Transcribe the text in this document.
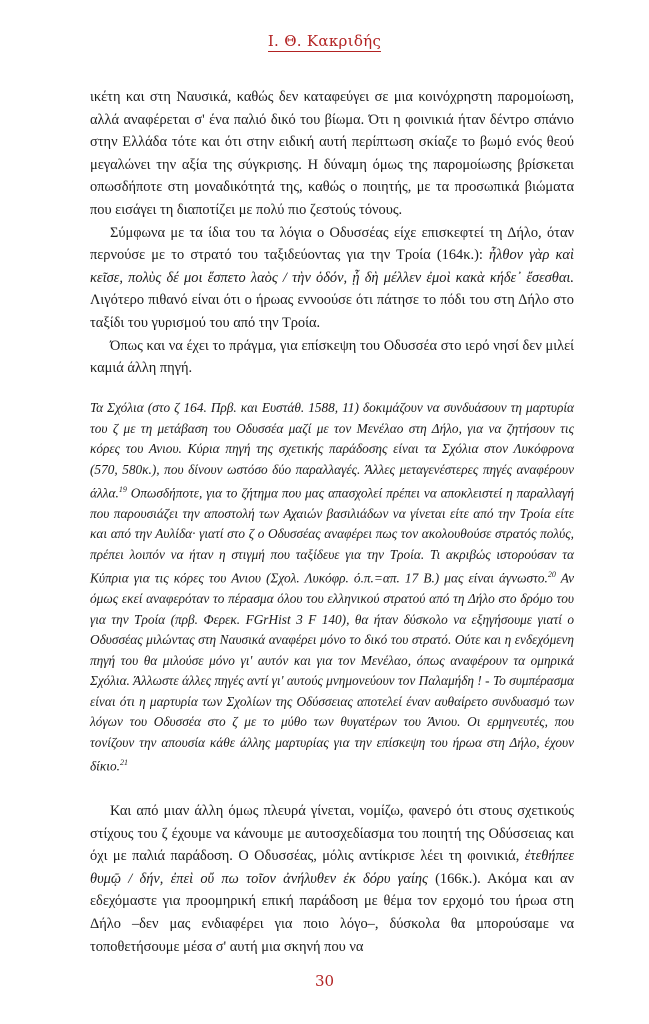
Ι. Θ. Κακριδής

ικέτη και στη Ναυσικά, καθώς δεν καταφεύγει σε μια κοινόχρηστη παρομοίωση, αλλά αναφέρεται σ' ένα παλιό δικό του βίωμα. Ότι η φοινικιά ήταν δέντρο σπάνιο στην Ελλάδα τότε και ότι στην ειδική αυτή περίπτωση σκίαζε το βωμό ενός θεού μεγαλώνει την αξία της σύγκρισης. Η δύναμη όμως της παρομοίωσης βρίσκεται οπωσδήποτε στη μοναδικότητά της, καθώς ο ποιητής, με τα προσωπικά βιώματα που εισάγει τη διαποτίζει με πολύ πιο ζεστούς τόνους.

Σύμφωνα με τα ίδια του τα λόγια ο Οδυσσέας είχε επισκεφτεί τη Δήλο, όταν περνούσε με το στρατό του ταξιδεύοντας για την Τροία (164κ.): ἦλθον γὰρ καὶ κεῖσε, πολὺς δέ μοι ἕσπετο λαὸς / τὴν ὁδόν, ᾗ δὴ μέλλεν ἐμοὶ κακὰ κήδε᾽ ἔσεσθαι. Λιγότερο πιθανό είναι ότι ο ήρωας εννοούσε ότι πάτησε το πόδι του στη Δήλο στο ταξίδι του γυρισμού του από την Τροία.

Όπως και να έχει το πράγμα, για επίσκεψη του Οδυσσέα στο ιερό νησί δεν μιλεί καμιά άλλη πηγή.

Τα Σχόλια (στο ζ 164. Πρβ. και Ευστάθ. 1588, 11) δοκιμάζουν να συνδυάσουν τη μαρτυρία του ζ με τη μετάβαση του Οδυσσέα μαζί με τον Μενέλαο στη Δήλο, για να ζητήσουν τις κόρες του Ανιου. Κύρια πηγή της σχετικής παράδοσης είναι τα Σχόλια στον Λυκόφρονα (570, 580κ.), που δίνουν ωστόσο δύο παραλλαγές. Άλλες μεταγενέστερες πηγές αναφέρουν άλλα.$^{19}$ Οπωσδήποτε, για το ζήτημα που μας απασχολεί πρέπει να αποκλειστεί η παραλλαγή που παρουσιάζει την αποστολή των Αχαιών βασιλιάδων να γίνεται είτε από την Τροία είτε και από την Αυλίδα· γιατί στο ζ ο Οδυσσέας αναφέρει πως τον ακολουθούσε στρατός πολύς, πρέπει λοιπόν να ήταν η στιγμή που ταξίδευε για την Τροία. Τι ακριβώς ιστορούσαν τα Κύπρια για τις κόρες του Ανιου (Σχολ. Λυκόφρ. ό.π.=απ. 17 Β.) μας είναι άγνωστο.$^{20}$ Αν όμως εκεί αναφερόταν το πέρασμα όλου του ελληνικού στρατού από τη Δήλο στο δρόμο του για την Τροία (πρβ. Φερεκ. FGrHist 3 F 140), θα ήταν δύσκολο να εξηγήσουμε γιατί ο Οδυσσέας μιλώντας στη Ναυσικά αναφέρει μόνο το δικό του στρατό. Ούτε και η ενδεχόμενη πηγή του θα μιλούσε μόνο γι' αυτόν και για τον Μενέλαο, όπως αναφέρουν τα ομηρικά Σχόλια. Άλλωστε άλλες πηγές αντί γι' αυτούς μνημονεύουν τον Παλαμήδη ! - Το συμπέρασμα είναι ότι η μαρτυρία των Σχολίων της Οδύσσειας αποτελεί έναν αυθαίρετο συνδυασμό των λόγων του Οδυσσέα στο ζ με το μύθο των θυγατέρων του Άνιου. Οι ερμηνευτές, που τονίζουν την απουσία κάθε άλλης μαρτυρίας για την επίσκεψη του ήρωα στη Δήλο, έχουν δίκιο.$^{21}$

Και από μιαν άλλη όμως πλευρά γίνεται, νομίζω, φανερό ότι στους σχετικούς στίχους του ζ έχουμε να κάνουμε με αυτοσχεδίασμα του ποιητή της Οδύσσειας και όχι με παλιά παράδοση. Ο Οδυσσέας, μόλις αντίκρισε λέει τη φοινικιά, ἐτεθήπεε θυμῷ / δήν, ἐπεὶ οὔ πω τοῖον ἀνήλυθεν ἐκ δόρυ γαίης (166κ.). Ακόμα και αν εδεχόμαστε για προομηρική επική παράδοση με θέμα τον ερχομό του ήρωα στη Δήλο –δεν μας ενδιαφέρει για ποιο λόγο–, δύσκολα θα μπορούσαμε να τοποθετήσουμε μέσα σ' αυτή μια σκηνή που να

30
